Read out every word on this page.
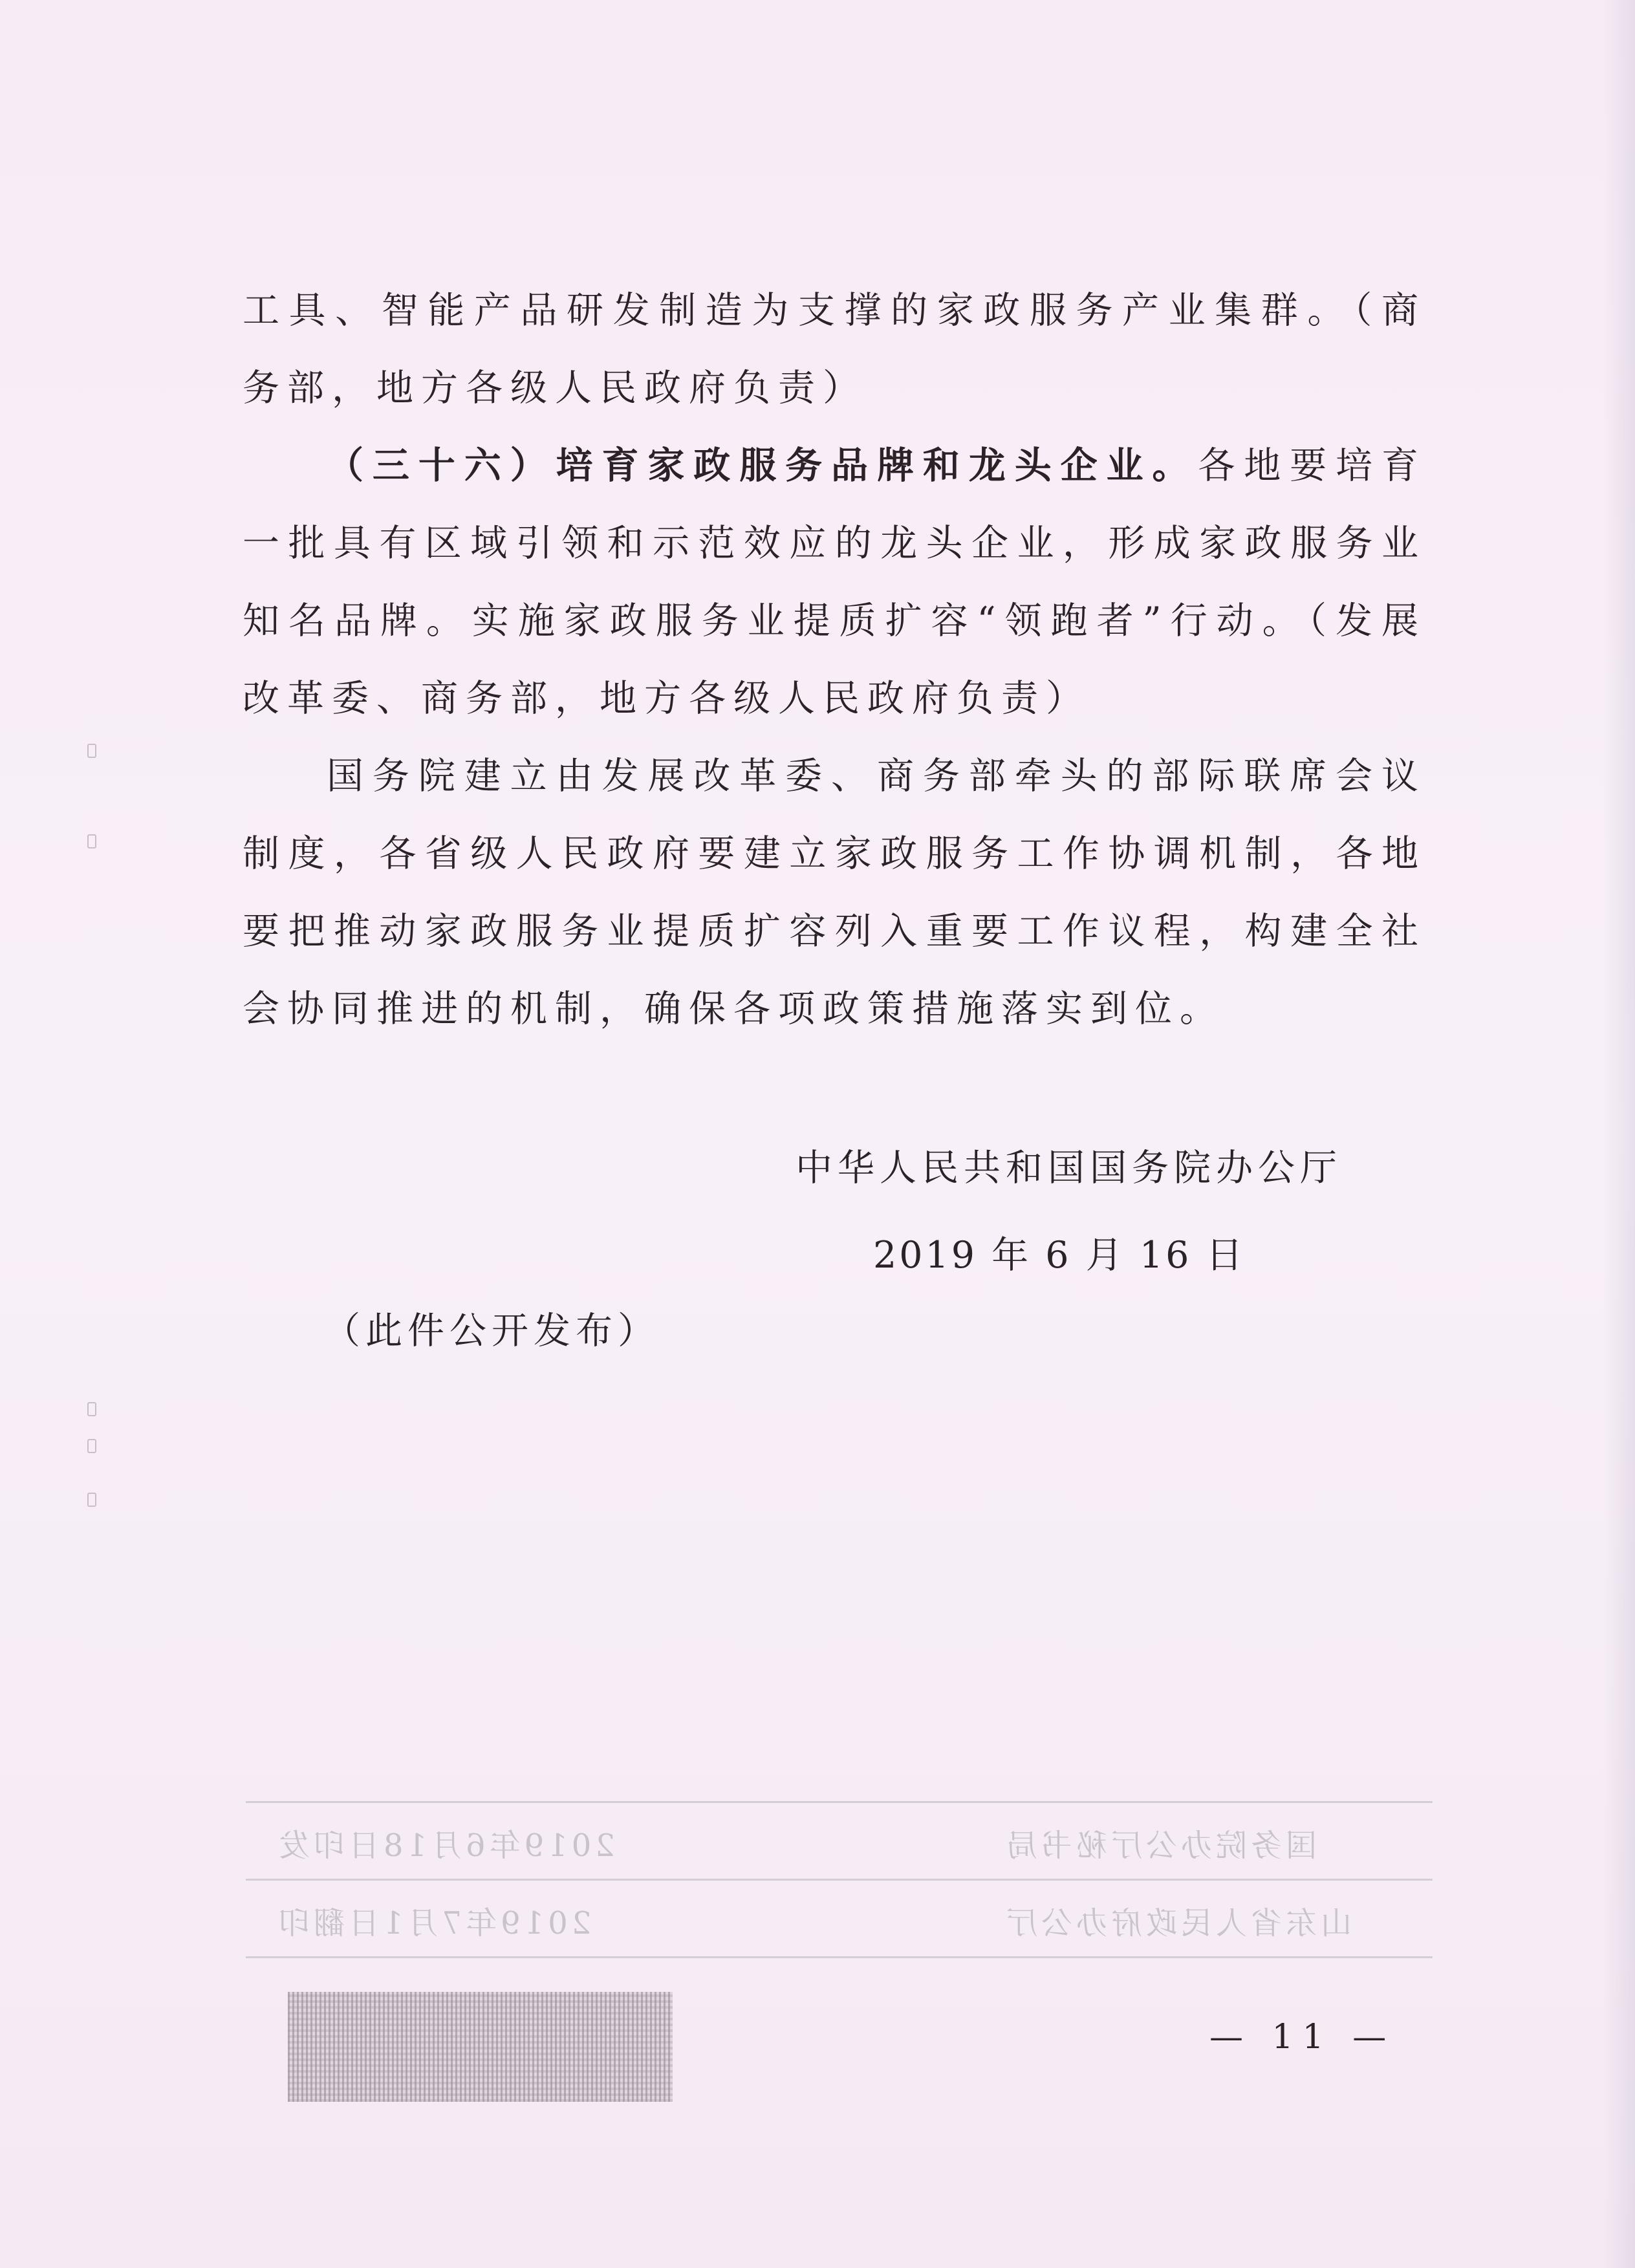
工具、智能产品研发制造为支撑的家政服务产业集群。（商务部，地方各级人民政府负责）

（三十六）培育家政服务品牌和龙头企业。各地要培育一批具有区域引领和示范效应的龙头企业，形成家政服务业知名品牌。实施家政服务业提质扩容“领跑者”行动。（发展改革委、商务部，地方各级人民政府负责）

国务院建立由发展改革委、商务部牵头的部际联席会议制度，各省级人民政府要建立家政服务工作协调机制，各地要把推动家政服务业提质扩容列入重要工作议程，构建全社会协同推进的机制，确保各项政策措施落实到位。

中华人民共和国国务院办公厅
2019 年 6 月 16 日
（此件公开发布）
国务院办公厅秘书局
2019年6月18日印发
山东省人民政府办公厅
2019年7月1日翻印
— 11 —
